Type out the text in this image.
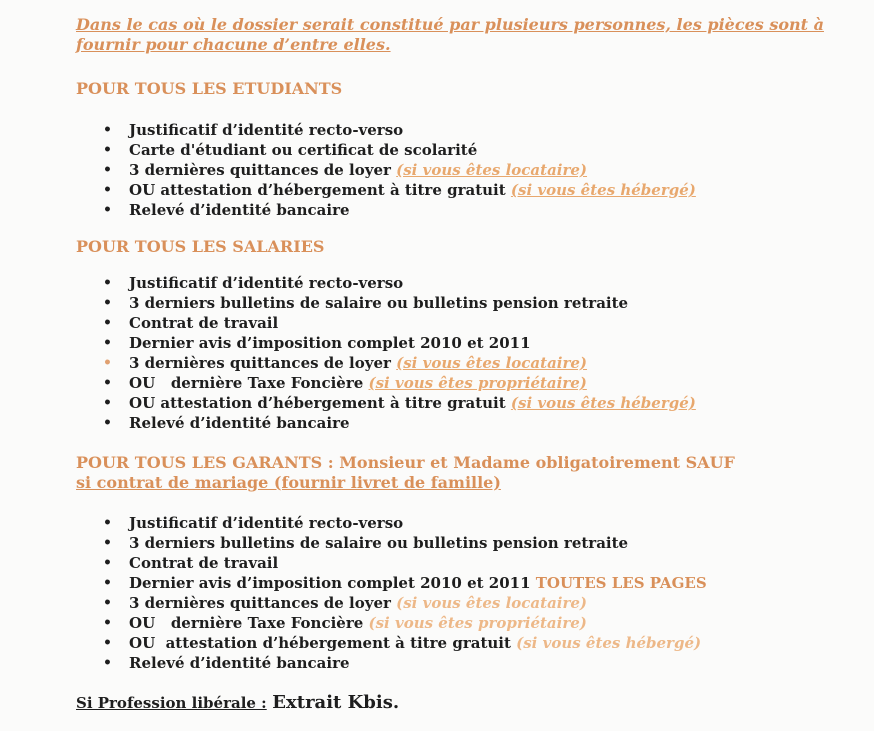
Dans le cas où le dossier serait constitué par plusieurs personnes, les pièces sont à fournir pour chacune d’entre elles.
POUR TOUS LES ETUDIANTS
• Justificatif d’identité recto-verso
• Carte d'étudiant ou certificat de scolarité
• 3 dernières quittances de loyer (si vous êtes locataire)
• OU attestation d’hébergement à titre gratuit (si vous êtes hébergé)
• Relevé d’identité bancaire
POUR TOUS LES SALARIES
• Justificatif d’identité recto-verso
• 3 derniers bulletins de salaire ou bulletins pension retraite
• Contrat de travail
• Dernier avis d’imposition complet 2010 et 2011
• 3 dernières quittances de loyer (si vous êtes locataire)
• OU   dernière Taxe Foncière (si vous êtes propriétaire)
• OU attestation d’hébergement à titre gratuit (si vous êtes hébergé)
• Relevé d’identité bancaire
POUR TOUS LES GARANTS : Monsieur et Madame obligatoirement SAUF
si contrat de mariage (fournir livret de famille)
• Justificatif d’identité recto-verso
• 3 derniers bulletins de salaire ou bulletins pension retraite
• Contrat de travail
• Dernier avis d’imposition complet 2010 et 2011 TOUTES LES PAGES
• 3 dernières quittances de loyer (si vous êtes locataire)
• OU   dernière Taxe Foncière (si vous êtes propriétaire)
• OU  attestation d’hébergement à titre gratuit (si vous êtes hébergé)
• Relevé d’identité bancaire
Si Profession libérale : Extrait Kbis.
